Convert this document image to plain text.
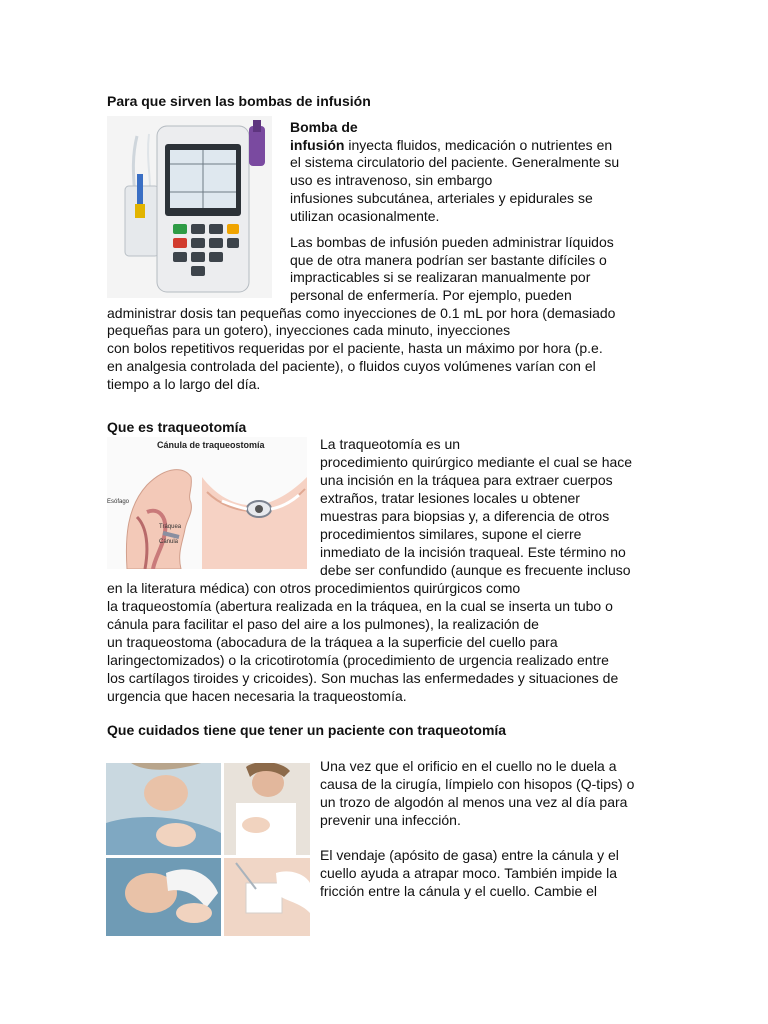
Para que sirven las bombas de infusión
Bomba de
infusión inyecta fluidos, medicación o nutrientes en
el sistema circulatorio del paciente. Generalmente su
uso es intravenoso, sin embargo
infusiones subcutánea, arteriales y epidurales se
utilizan ocasionalmente.
Las bombas de infusión pueden administrar líquidos
que de otra manera podrían ser bastante difíciles o
impracticables si se realizaran manualmente por
personal de enfermería. Por ejemplo, pueden
administrar dosis tan pequeñas como inyecciones de 0.1 mL por hora (demasiado
pequeñas para un gotero), inyecciones cada minuto, inyecciones
con bolos repetitivos requeridas por el paciente, hasta un máximo por hora (p.e.
en analgesia controlada del paciente), o fluidos cuyos volúmenes varían con el
tiempo a lo largo del día.
Que es traqueotomía
Cánula de traqueostomía
Esófago
Tráquea
Cánula
La traqueotomía es un
procedimiento quirúrgico mediante el cual se hace
una incisión en la tráquea para extraer cuerpos
extraños, tratar lesiones locales u obtener
muestras para biopsias y, a diferencia de otros
procedimientos similares, supone el cierre
inmediato de la incisión traqueal. Este término no
debe ser confundido (aunque es frecuente incluso
en la literatura médica) con otros procedimientos quirúrgicos como
la traqueostomía (abertura realizada en la tráquea, en la cual se inserta un tubo o
cánula para facilitar el paso del aire a los pulmones), la realización de
un traqueostoma (abocadura de la tráquea a la superficie del cuello para
laringectomizados) o la cricotirotomía (procedimiento de urgencia realizado entre
los cartílagos tiroides y cricoides). Son muchas las enfermedades y situaciones de
urgencia que hacen necesaria la traqueostomía.
Que cuidados tiene que tener un paciente con traqueotomía
Una vez que el orificio en el cuello no le duela a
causa de la cirugía, límpielo con hisopos (Q-tips) o
un trozo de algodón al menos una vez al día para
prevenir una infección.
El vendaje (apósito de gasa) entre la cánula y el
cuello ayuda a atrapar moco. También impide la
fricción entre la cánula y el cuello. Cambie el
